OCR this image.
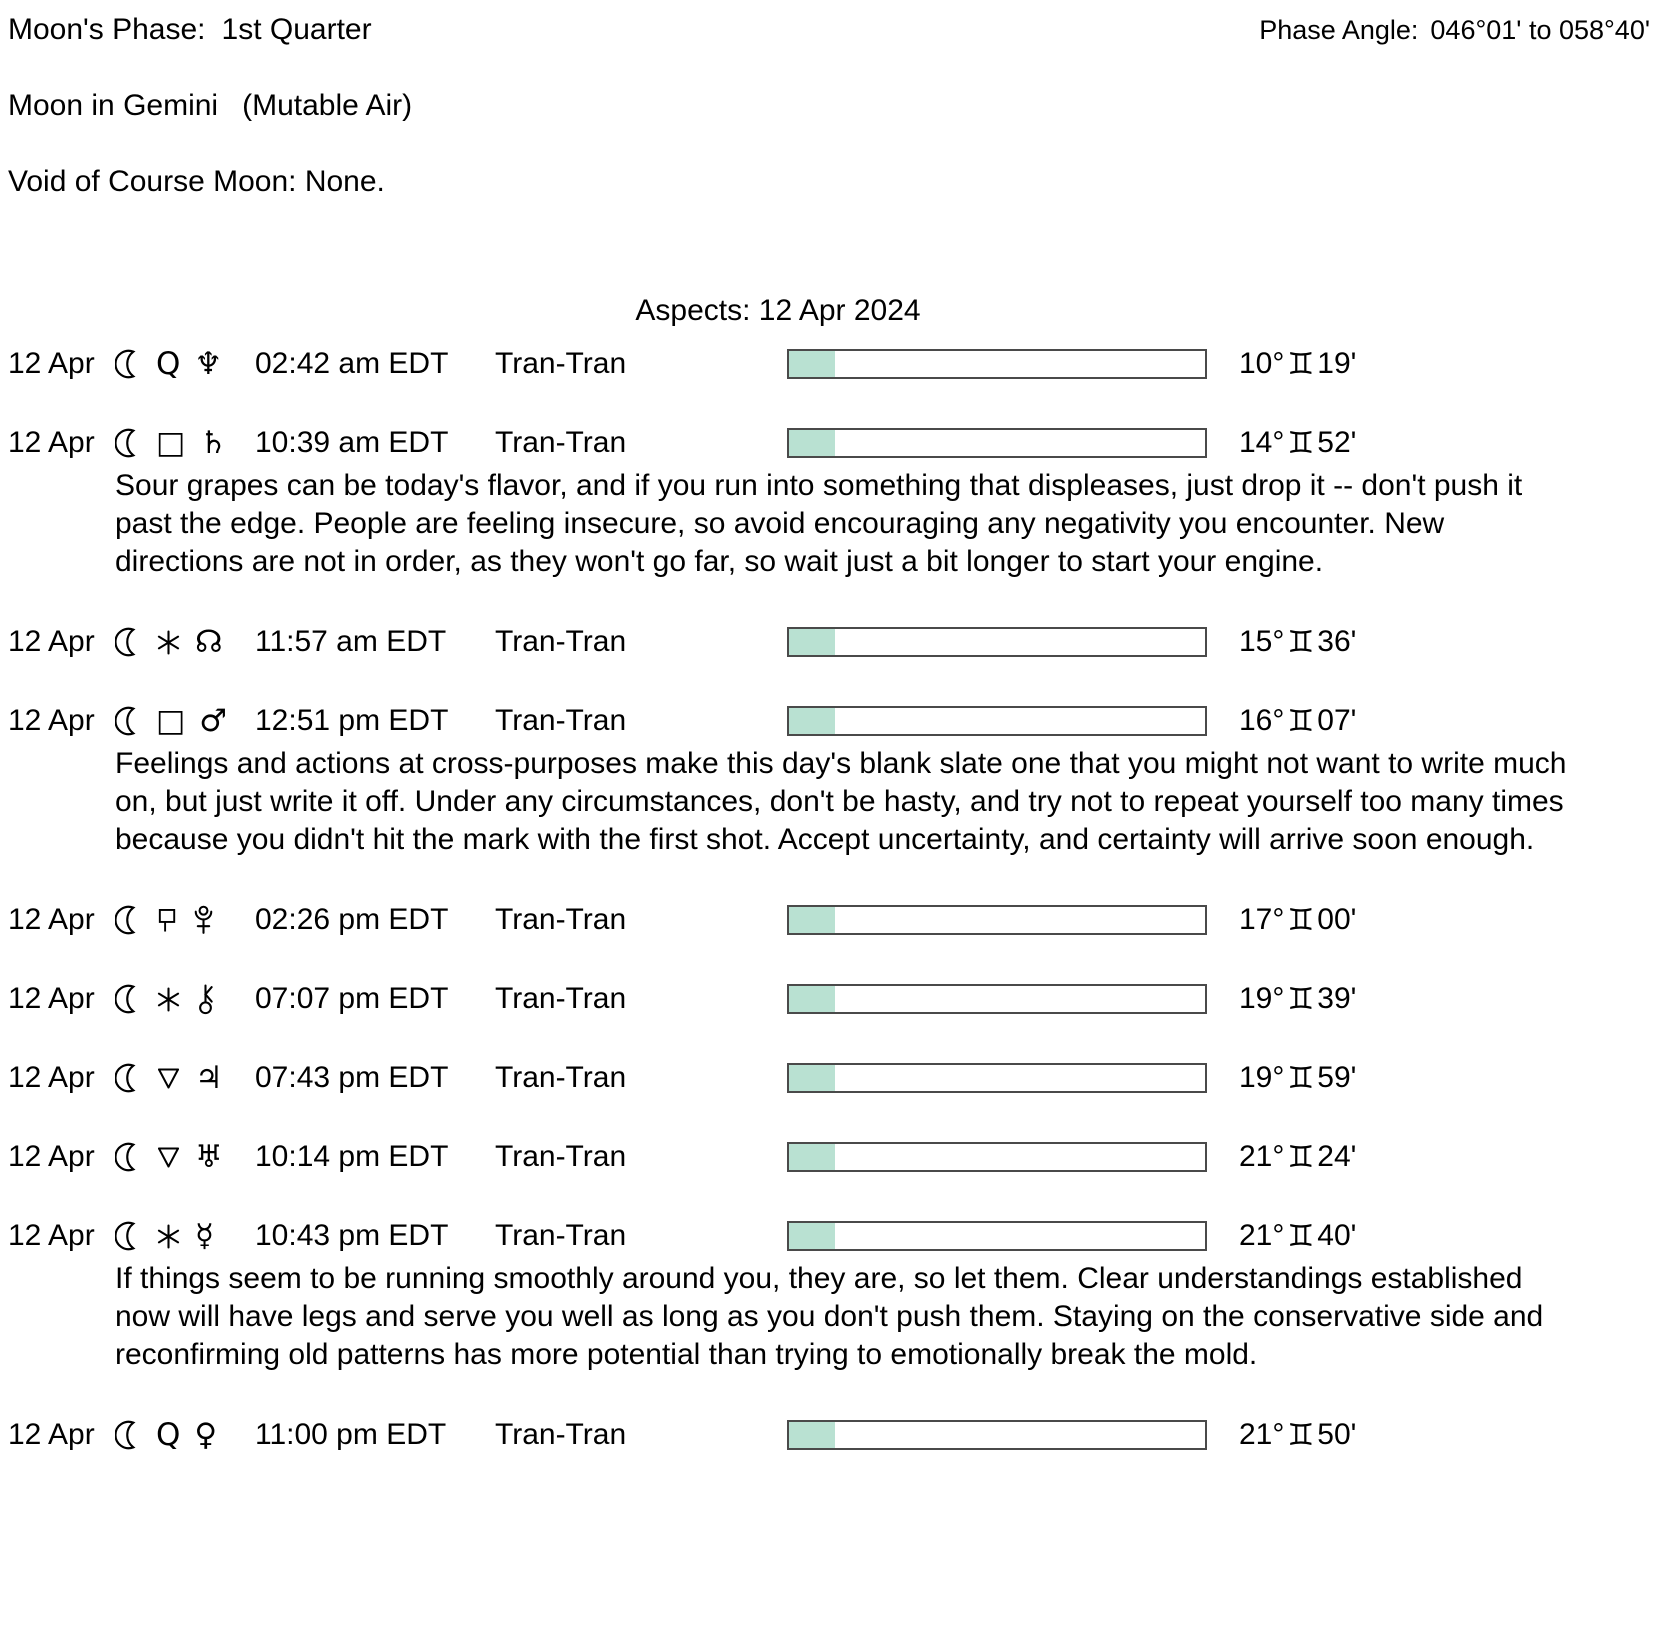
Moon's Phase: 1st Quarter	Phase Angle: 046°01' to 058°40'
Moon in Gemini (Mutable Air)
Void of Course Moon: None.
Aspects: 12 Apr 2024
12 Apr	Q ♆ 02:42 am EDT	Tran-Tran	10° ♊ 19'
12 Apr	□ ♄ 10:39 am EDT	Tran-Tran	14° ♊ 52'

Sour grapes can be today's flavor, and if you run into something that displeases, just drop it -- don't push it past the edge. People are feeling insecure, so avoid encouraging any negativity you encounter. New directions are not in order, as they won't go far, so wait just a bit longer to start your engine.

12 Apr	☊ 11:57 am EDT	Tran-Tran	15° ♊ 36'
12 Apr	□ ♂ 12:51 pm EDT	Tran-Tran	16° ♊ 07'

Feelings and actions at cross-purposes make this day's blank slate one that you might not want to write much on, but just write it off. Under any circumstances, don't be hasty, and try not to repeat yourself too many times because you didn't hit the mark with the first shot. Accept uncertainty, and certainty will arrive soon enough.

12 Apr	02:26 pm EDT	Tran-Tran	17° ♊ 00'
12 Apr	07:07 pm EDT	Tran-Tran	19° ♊ 39'
12 Apr	♃ 07:43 pm EDT	Tran-Tran	19° ♊ 59'
12 Apr	♅ 10:14 pm EDT	Tran-Tran	21° ♊ 24'
12 Apr	☿ 10:43 pm EDT	Tran-Tran	21° ♊ 40'

If things seem to be running smoothly around you, they are, so let them. Clear understandings established now will have legs and serve you well as long as you don't push them. Staying on the conservative side and reconfirming old patterns has more potential than trying to emotionally break the mold.

12 Apr	Q ♀ 11:00 pm EDT	Tran-Tran	21° ♊ 50'
